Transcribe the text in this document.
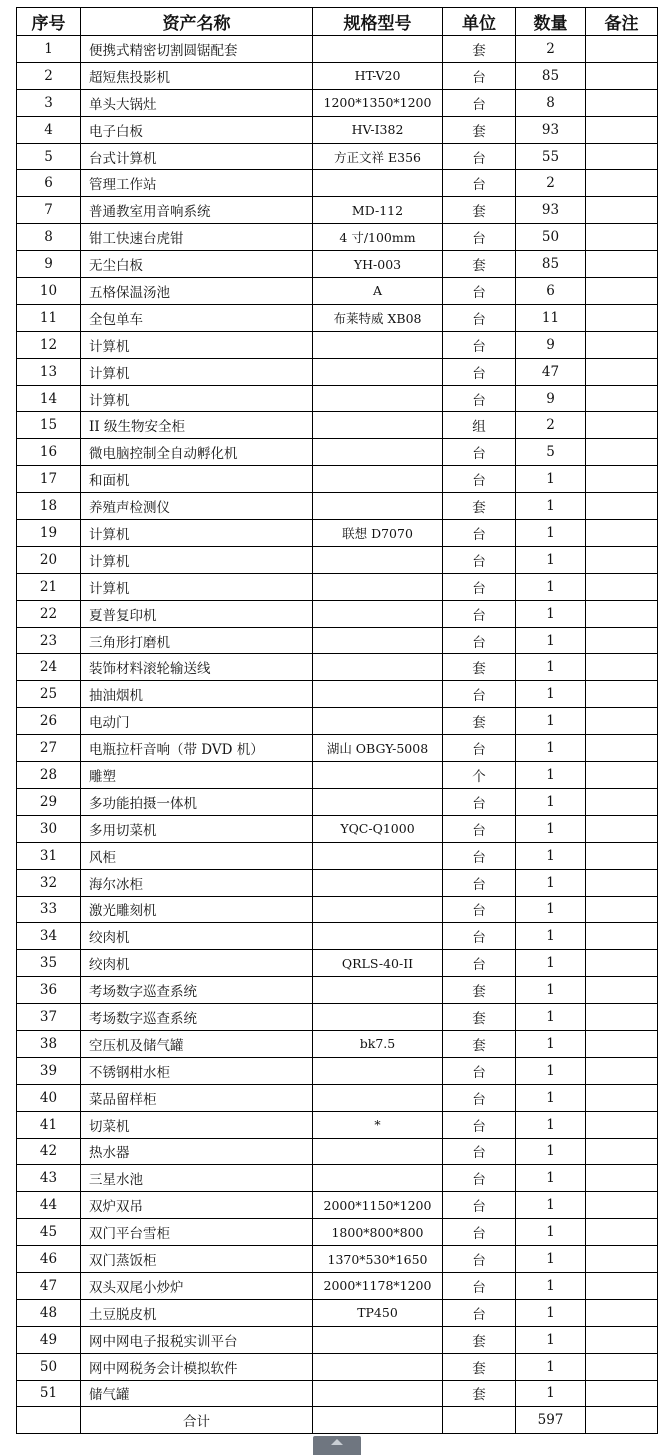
序号	资产名称	规格型号	单位	数量	备注
1	便携式精密切割圆锯配套		套	2	
2	超短焦投影机	HT-V20	台	85	
3	单头大锅灶	1200*1350*1200	台	8	
4	电子白板	HV-I382	套	93	
5	台式计算机	方正文祥 E356	台	55	
6	管理工作站		台	2	
7	普通教室用音响系统	MD-112	套	93	
8	钳工快速台虎钳	4 寸/100mm	台	50	
9	无尘白板	YH-003	套	85	
10	五格保温汤池	A	台	6	
11	全包单车	布莱特威 XB08	台	11	
12	计算机		台	9	
13	计算机		台	47	
14	计算机		台	9	
15	II 级生物安全柜		组	2	
16	微电脑控制全自动孵化机		台	5	
17	和面机		台	1	
18	养殖声检测仪		套	1	
19	计算机	联想 D7070	台	1	
20	计算机		台	1	
21	计算机		台	1	
22	夏普复印机		台	1	
23	三角形打磨机		台	1	
24	装饰材料滚轮输送线		套	1	
25	抽油烟机		台	1	
26	电动门		套	1	
27	电瓶拉杆音响（带 DVD 机）	湖山 OBGY-5008	台	1	
28	雕塑		个	1	
29	多功能拍摄一体机		台	1	
30	多用切菜机	YQC-Q1000	台	1	
31	风柜		台	1	
32	海尔冰柜		台	1	
33	激光雕刻机		台	1	
34	绞肉机		台	1	
35	绞肉机	QRLS-40-II	台	1	
36	考场数字巡查系统		套	1	
37	考场数字巡查系统		套	1	
38	空压机及储气罐	bk7.5	套	1	
39	不锈钢柑水柜		台	1	
40	菜品留样柜		台	1	
41	切菜机	*	台	1	
42	热水器		台	1	
43	三星水池		台	1	
44	双炉双吊	2000*1150*1200	台	1	
45	双门平台雪柜	1800*800*800	台	1	
46	双门蒸饭柜	1370*530*1650	台	1	
47	双头双尾小炒炉	2000*1178*1200	台	1	
48	土豆脱皮机	TP450	台	1	
49	网中网电子报税实训平台		套	1	
50	网中网税务会计模拟软件		套	1	
51	储气罐		套	1	
	合计			597	
